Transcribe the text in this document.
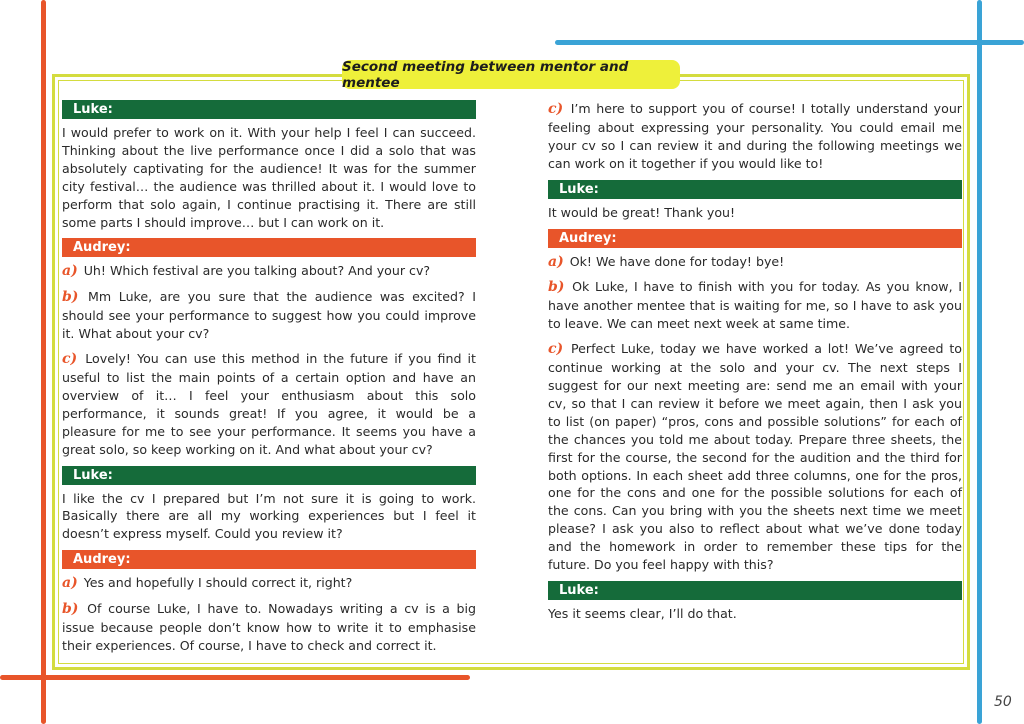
Second meeting between mentor and mentee
Luke:

I would prefer to work on it. With your help I feel I can succeed. Thinking about the live performance once I did a solo that was absolutely captivating for the audience! It was for the summer city festival… the audience was thrilled about it. I would love to perform that solo again, I continue practising it. There are still some parts I should improve… but I can work on it.

Audrey:

a) Uh! Which festival are you talking about? And your cv?

b) Mm Luke, are you sure that the audience was excited? I should see your performance to suggest how you could improve it. What about your cv?

c) Lovely! You can use this method in the future if you find it useful to list the main points of a certain option and have an overview of it… I feel your enthusiasm about this solo performance, it sounds great! If you agree, it would be a pleasure for me to see your performance. It seems you have a great solo, so keep working on it. And what about your cv?

Luke:

I like the cv I prepared but I’m not sure it is going to work. Basically there are all my working experiences but I feel it doesn’t express myself. Could you review it?

Audrey:

a) Yes and hopefully I should correct it, right?

b) Of course Luke, I have to. Nowadays writing a cv is a big issue because people don’t know how to write it to emphasise their experiences. Of course, I have to check and correct it.

c) I’m here to support you of course! I totally understand your feeling about expressing your personality. You could email me your cv so I can review it and during the following meetings we can work on it together if you would like to!

Luke:

It would be great! Thank you!

Audrey:

a) Ok! We have done for today! bye!

b) Ok Luke, I have to finish with you for today. As you know, I have another mentee that is waiting for me, so I have to ask you to leave. We can meet next week at same time.

c) Perfect Luke, today we have worked a lot! We’ve agreed to continue working at the solo and your cv. The next steps I suggest for our next meeting are: send me an email with your cv, so that I can review it before we meet again, then I ask you to list (on paper) “pros, cons and possible solutions” for each of the chances you told me about today. Prepare three sheets, the first for the course, the second for the audition and the third for both options. In each sheet add three columns, one for the pros, one for the cons and one for the possible solutions for each of the cons. Can you bring with you the sheets next time we meet please? I ask you also to reflect about what we’ve done today and the homework in order to remember these tips for the future. Do you feel happy with this?

Luke:

Yes it seems clear, I’ll do that.

50
